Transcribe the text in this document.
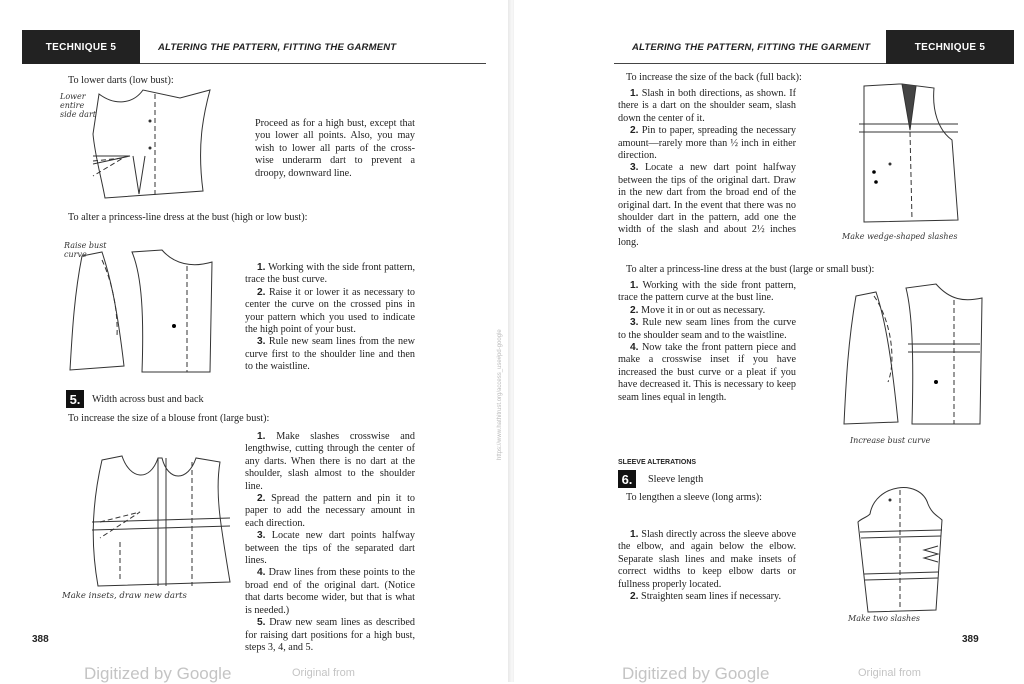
TECHNIQUE 5	ALTERING THE PATTERN, FITTING THE GARMENT
To lower darts (low bust):
Lower entire side dart
Proceed as for a high bust, except that you lower all points. Also, you may wish to lower all parts of the cross-wise underarm dart to prevent a droopy, downward line.
To alter a princess-line dress at the bust (high or low bust):
Raise bust curve
1. Working with the side front pattern, trace the bust curve.
2. Raise it or lower it as necessary to center the curve on the crossed pins in your pattern which you used to indicate the high point of your bust.
3. Rule new seam lines from the new curve first to the shoulder line and then to the waistline.
5.	Width across bust and back
To increase the size of a blouse front (large bust):
Make insets, draw new darts
1. Make slashes crosswise and lengthwise, cutting through the center of any darts. When there is no dart at the shoulder, slash almost to the shoulder line.
2. Spread the pattern and pin it to paper to add the necessary amount in each direction.
3. Locate new dart points halfway between the tips of the separated dart lines.
4. Draw lines from these points to the broad end of the original dart. (Notice that darts become wider, but that is what is needed.)
5. Draw new seam lines as described for raising dart positions for a high bust, steps 3, 4, and 5.
388
Digitized by Google	Original from
https://www.hathitrust.org/access_use#pd-google
ALTERING THE PATTERN, FITTING THE GARMENT	TECHNIQUE 5
To increase the size of the back (full back):
1. Slash in both directions, as shown. If there is a dart on the shoulder seam, slash down the center of it.
2. Pin to paper, spreading the necessary amount—rarely more than ½ inch in either direction.
3. Locate a new dart point halfway between the tips of the original dart. Draw in the new dart from the broad end of the original dart. In the event that there was no shoulder dart in the pattern, add one the width of the slash and about 2½ inches long.
Make wedge-shaped slashes
To alter a princess-line dress at the bust (large or small bust):
1. Working with the side front pattern, trace the pattern curve at the bust line.
2. Move it in or out as necessary.
3. Rule new seam lines from the curve to the shoulder seam and to the waistline.
4. Now take the front pattern piece and make a crosswise inset if you have increased the bust curve or a pleat if you have decreased it. This is necessary to keep seam lines equal in length.
Increase bust curve
SLEEVE ALTERATIONS
6.	Sleeve length
To lengthen a sleeve (long arms):
1. Slash directly across the sleeve above the elbow, and again below the elbow. Separate slash lines and make insets of correct widths to keep elbow darts or fullness properly located.
2. Straighten seam lines if necessary.
Make two slashes
389
Digitized by Google	Original from
